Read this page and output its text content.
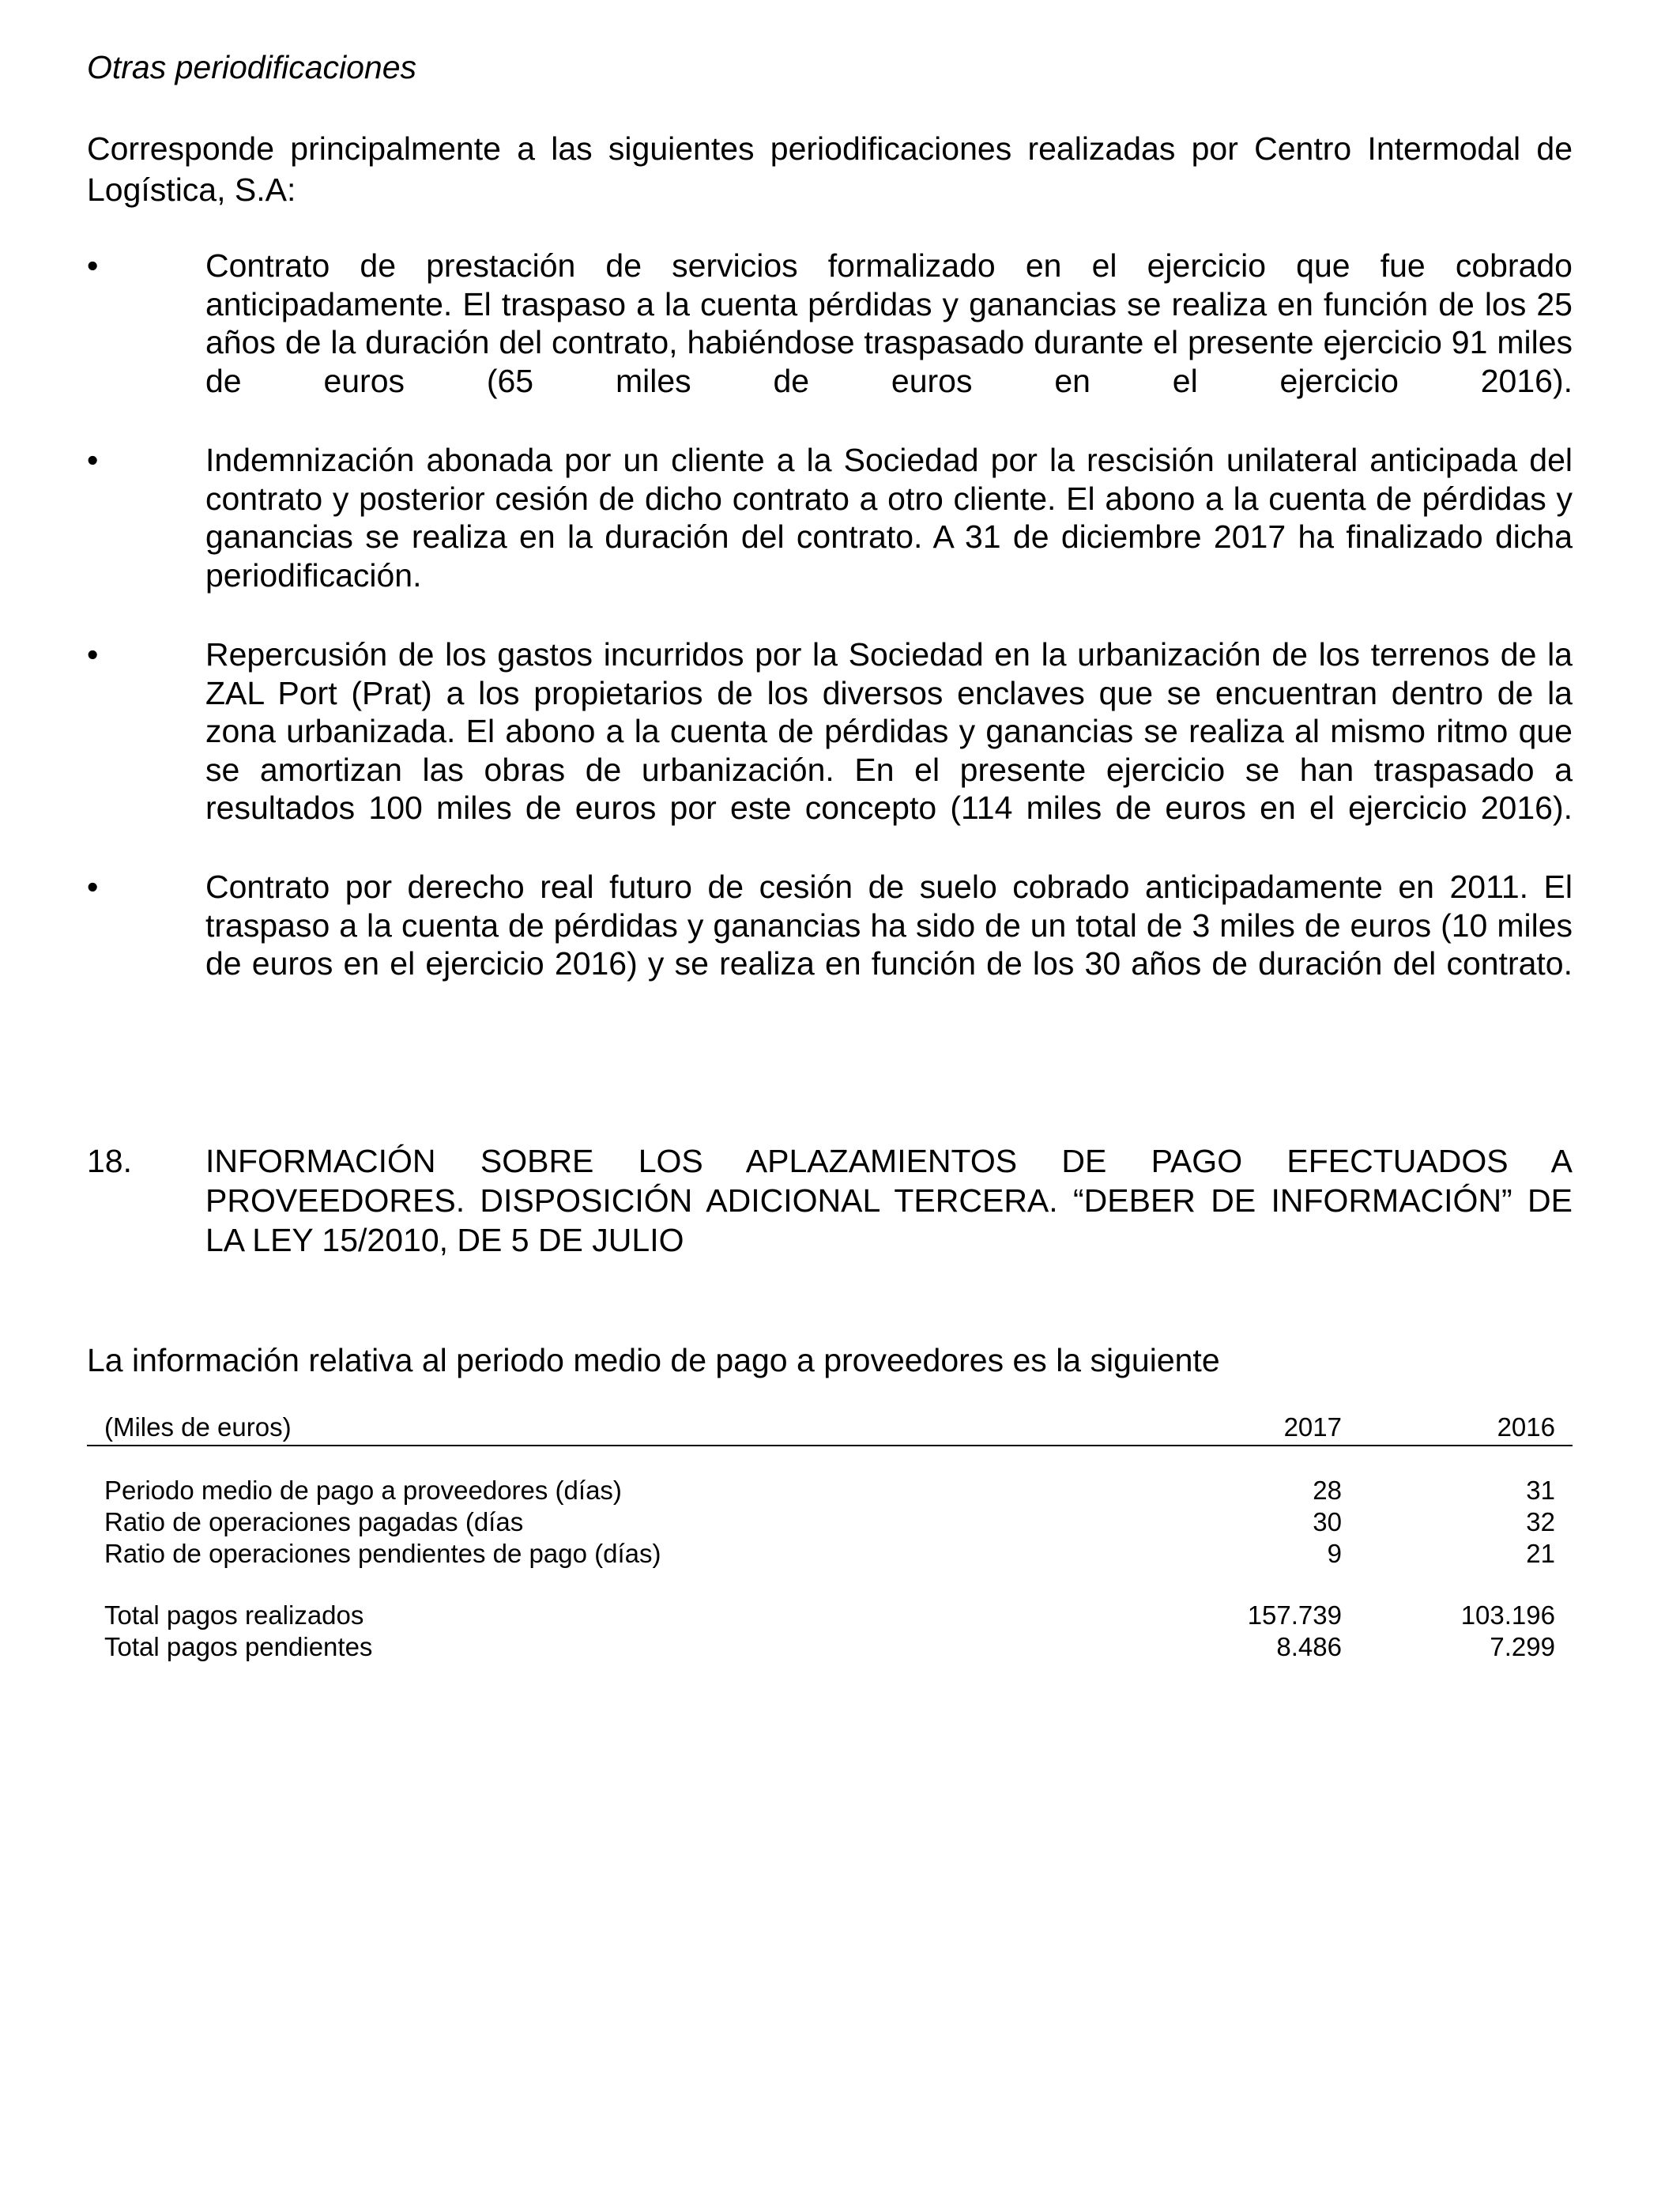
Otras periodificaciones

Corresponde principalmente a las siguientes periodificaciones realizadas por Centro Intermodal de Logística, S.A:

•	Contrato de prestación de servicios formalizado en el ejercicio que fue cobrado anticipadamente. El traspaso a la cuenta pérdidas y ganancias se realiza en función de los 25 años de la duración del contrato, habiéndose traspasado durante el presente ejercicio 91 miles de euros (65 miles de euros en el ejercicio 2016).

•	Indemnización abonada por un cliente a la Sociedad por la rescisión unilateral anticipada del contrato y posterior cesión de dicho contrato a otro cliente. El abono a la cuenta de pérdidas y ganancias se realiza en la duración del contrato. A 31 de diciembre 2017 ha finalizado dicha periodificación.

•	Repercusión de los gastos incurridos por la Sociedad en la urbanización de los terrenos de la ZAL Port (Prat) a los propietarios de los diversos enclaves que se encuentran dentro de la zona urbanizada. El abono a la cuenta de pérdidas y ganancias se realiza al mismo ritmo que se amortizan las obras de urbanización. En el presente ejercicio se han traspasado a resultados 100 miles de euros por este concepto (114 miles de euros en el ejercicio 2016).

•	Contrato por derecho real futuro de cesión de suelo cobrado anticipadamente en 2011. El traspaso a la cuenta de pérdidas y ganancias ha sido de un total de 3 miles de euros (10 miles de euros en el ejercicio 2016) y se realiza en función de los 30 años de duración del contrato.

18. INFORMACIÓN SOBRE LOS APLAZAMIENTOS DE PAGO EFECTUADOS A PROVEEDORES. DISPOSICIÓN ADICIONAL TERCERA. “DEBER DE INFORMACIÓN” DE LA LEY 15/2010, DE 5 DE JULIO

La información relativa al periodo medio de pago a proveedores es la siguiente

(Miles de euros)	2017	2016

Periodo medio de pago a proveedores (días)	28	31
Ratio de operaciones pagadas (días	30	32
Ratio de operaciones pendientes de pago (días)	9	21

Total pagos realizados	157.739	103.196
Total pagos pendientes	8.486	7.299
